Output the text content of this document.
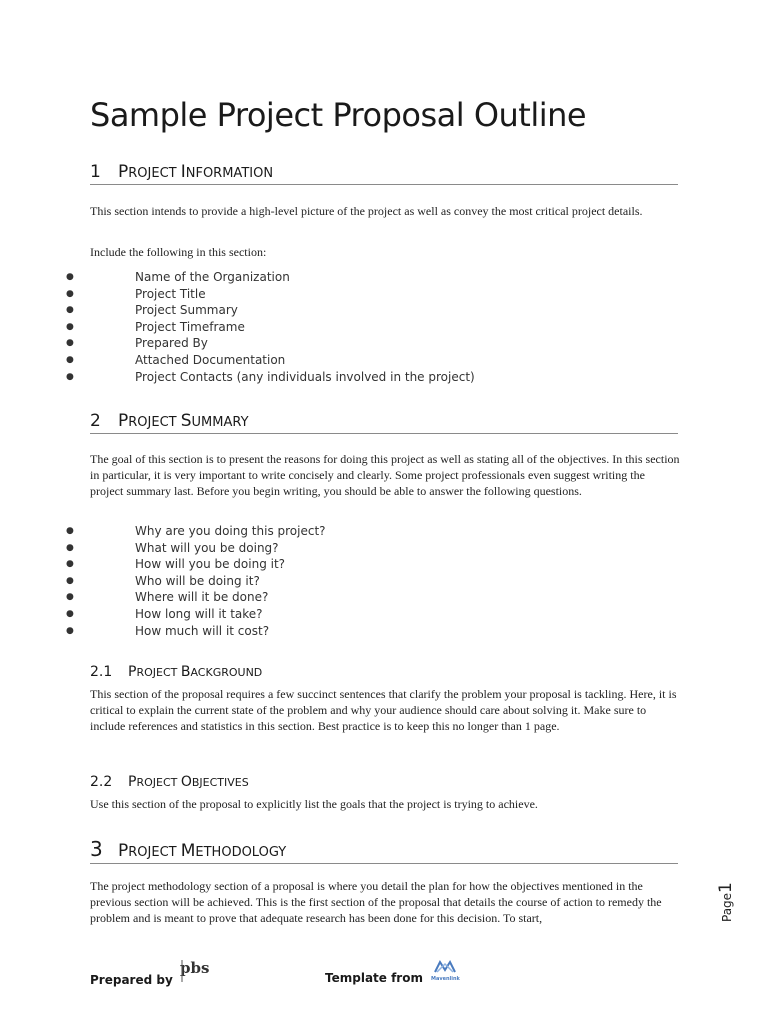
Sample Project Proposal Outline
1 PROJECT INFORMATION

This section intends to provide a high-level picture of the project as well as convey the most critical project details.

Include the following in this section:

●	Name of the Organization
●	Project Title
●	Project Summary
●	Project Timeframe
●	Prepared By
●	Attached Documentation
●	Project Contacts (any individuals involved in the project)
2 PROJECT SUMMARY

The goal of this section is to present the reasons for doing this project as well as stating all of the objectives. In this section in particular, it is very important to write concisely and clearly. Some project professionals even suggest writing the project summary last. Before you begin writing, you should be able to answer the following questions.

●	Why are you doing this project?
●	What will you be doing?
●	How will you be doing it?
●	Who will be doing it?
●	Where will it be done?
●	How long will it take?
●	How much will it cost?
2.1 PROJECT BACKGROUND

This section of the proposal requires a few succinct sentences that clarify the problem your proposal is tackling. Here, it is critical to explain the current state of the problem and why your audience should care about solving it. Make sure to include references and statistics in this section. Best practice is to keep this no longer than 1 page.

2.2 PROJECT OBJECTIVES

Use this section of the proposal to explicitly list the goals that the project is trying to achieve.

3 PROJECT METHODOLOGY

The project methodology section of a proposal is where you detail the plan for how the objectives mentioned in the previous section will be achieved. This is the first section of the proposal that details the course of action to remedy the problem and is meant to prove that adequate research has been done for this decision. To start,	Page1
Prepared by
pbs
Template from Mavenlink
